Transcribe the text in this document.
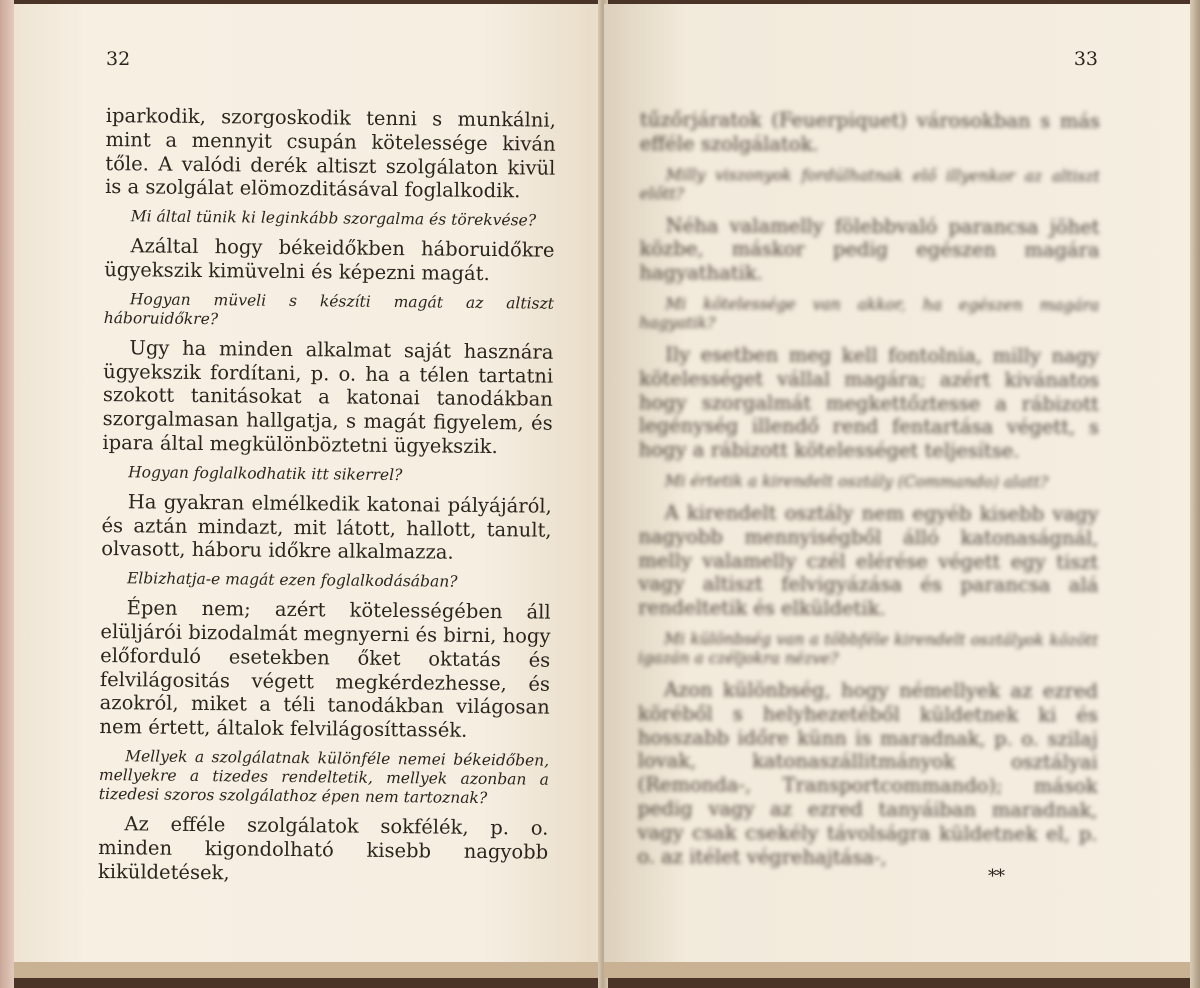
32

iparkodik, szorgoskodik tenni s munkálni, mint a mennyit csupán kötelessége kiván tőle. A valódi derék altiszt szolgálaton kivül is a szolgálat elömozditásával foglalkodik.

Mi által tünik ki leginkább szorgalma és törekvése?

Azáltal hogy békeidőkben háboruidőkre ügyekszik kimüvelni és képezni magát.

Hogyan müveli s készíti magát az altiszt háboruidőkre?

Ugy ha minden alkalmat saját hasznára ügyekszik fordítani, p. o. ha a télen tartatni szokott tanitásokat a katonai tanodákban szorgalmasan hallgatja, s magát figyelem, és ipara által megkülönböztetni ügyekszik.

Hogyan foglalkodhatik itt sikerrel?

Ha gyakran elmélkedik katonai pályájáról, és aztán mindazt, mit látott, hallott, tanult, olvasott, háboru időkre alkalmazza.

Elbizhatja-e magát ezen foglalkodásában?

Épen nem; azért kötelességében áll elüljárói bizodalmát megnyerni és birni, hogy előforduló esetekben őket oktatás és felvilágositás végett megkérdezhesse, és azokról, miket a téli tanodákban világosan nem értett, általok felvilágosíttassék.

Mellyek a szolgálatnak különféle nemei békeidőben, mellyekre a tizedes rendeltetik, mellyek azonban a tizedesi szoros szolgálathoz épen nem tartoznak?

Az efféle szolgálatok sokfélék, p. o. minden kigondolható kisebb nagyobb kiküldetések,

33

tűzőrjáratok (Feuerpiquet) városokban s más efféle szolgálatok.

Milly viszonyok fordúlhatnak elő illyenkor az altiszt előtt?

Néha valamelly fölebbvaló parancsa jöhet közbe, máskor pedig egészen magára hagyathatik.

Mi kötelessége van akkor, ha egészen magára hagyatik?

Ily esetben meg kell fontolnia, milly nagy kötelességet vállal magára; azért kivánatos hogy szorgalmát megkettőztesse a rábizott legénység illendő rend fentartása végett, s hogy a rábizott kötelességet teljesítse.

Mi értetik a kirendelt osztály (Commando) alatt?

A kirendelt osztály nem egyéb kisebb vagy nagyobb mennyiségből álló katonaságnál, melly valamelly czél elérése végett egy tiszt vagy altiszt felvigyázása és parancsa alá rendeltetik és elküldetik.

Mi különbség van a többféle kirendelt osztályok között igazán a czéljokra nézve?

Azon különbség, hogy némellyek az ezred köréből s helyhezetéből küldetnek ki és hosszabb időre künn is maradnak, p. o. szilaj lovak, katonaszállitmányok osztályai (Remonda-, Transportcommando); mások pedig vagy az ezred tanyáiban maradnak, vagy csak csekély távolságra küldetnek el, p. o. az itélet végrehajtása-,

**
